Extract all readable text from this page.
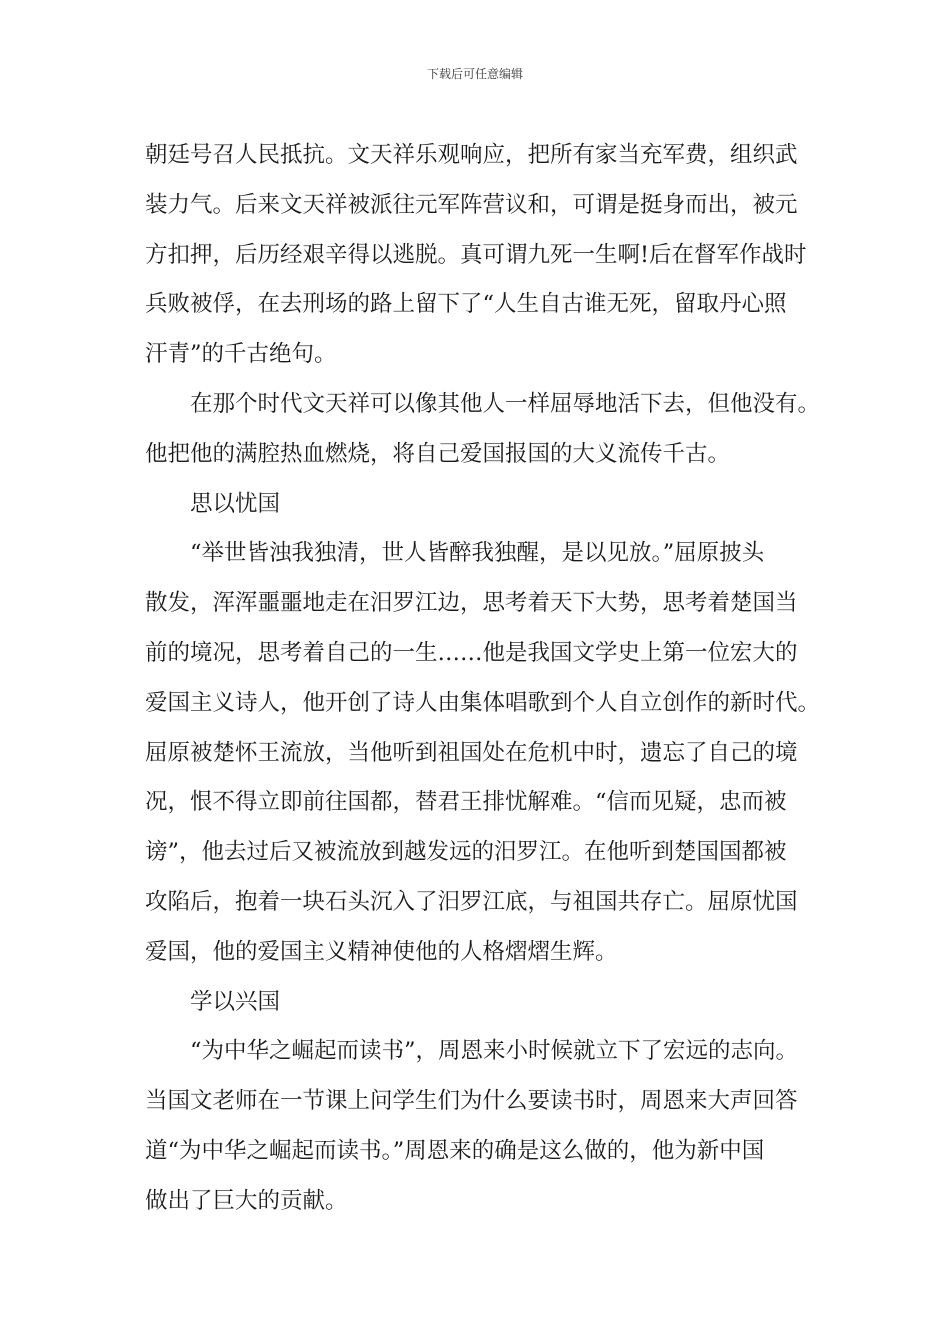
下载后可任意编辑
朝廷号召人民抵抗。文天祥乐观响应，把所有家当充军费，组织武
装力气。后来文天祥被派往元军阵营议和，可谓是挺身而出，被元
方扣押，后历经艰辛得以逃脱。真可谓九死一生啊!后在督军作战时
兵败被俘，在去刑场的路上留下了“人生自古谁无死，留取丹心照
汗青”的千古绝句。
在那个时代文天祥可以像其他人一样屈辱地活下去，但他没有。
他把他的满腔热血燃烧，将自己爱国报国的大义流传千古。
思以忧国
“举世皆浊我独清，世人皆醉我独醒，是以见放。”屈原披头
散发，浑浑噩噩地走在汨罗江边，思考着天下大势，思考着楚国当
前的境况，思考着自己的一生……他是我国文学史上第一位宏大的
爱国主义诗人，他开创了诗人由集体唱歌到个人自立创作的新时代。
屈原被楚怀王流放，当他听到祖国处在危机中时，遗忘了自己的境
况，恨不得立即前往国都，替君王排忧解难。“信而见疑，忠而被
谤”，他去过后又被流放到越发远的汨罗江。在他听到楚国国都被
攻陷后，抱着一块石头沉入了汨罗江底，与祖国共存亡。屈原忧国
爱国，他的爱国主义精神使他的人格熠熠生辉。
学以兴国
“为中华之崛起而读书”，周恩来小时候就立下了宏远的志向。
当国文老师在一节课上问学生们为什么要读书时，周恩来大声回答
道“为中华之崛起而读书。”周恩来的确是这么做的，他为新中国
做出了巨大的贡献。
